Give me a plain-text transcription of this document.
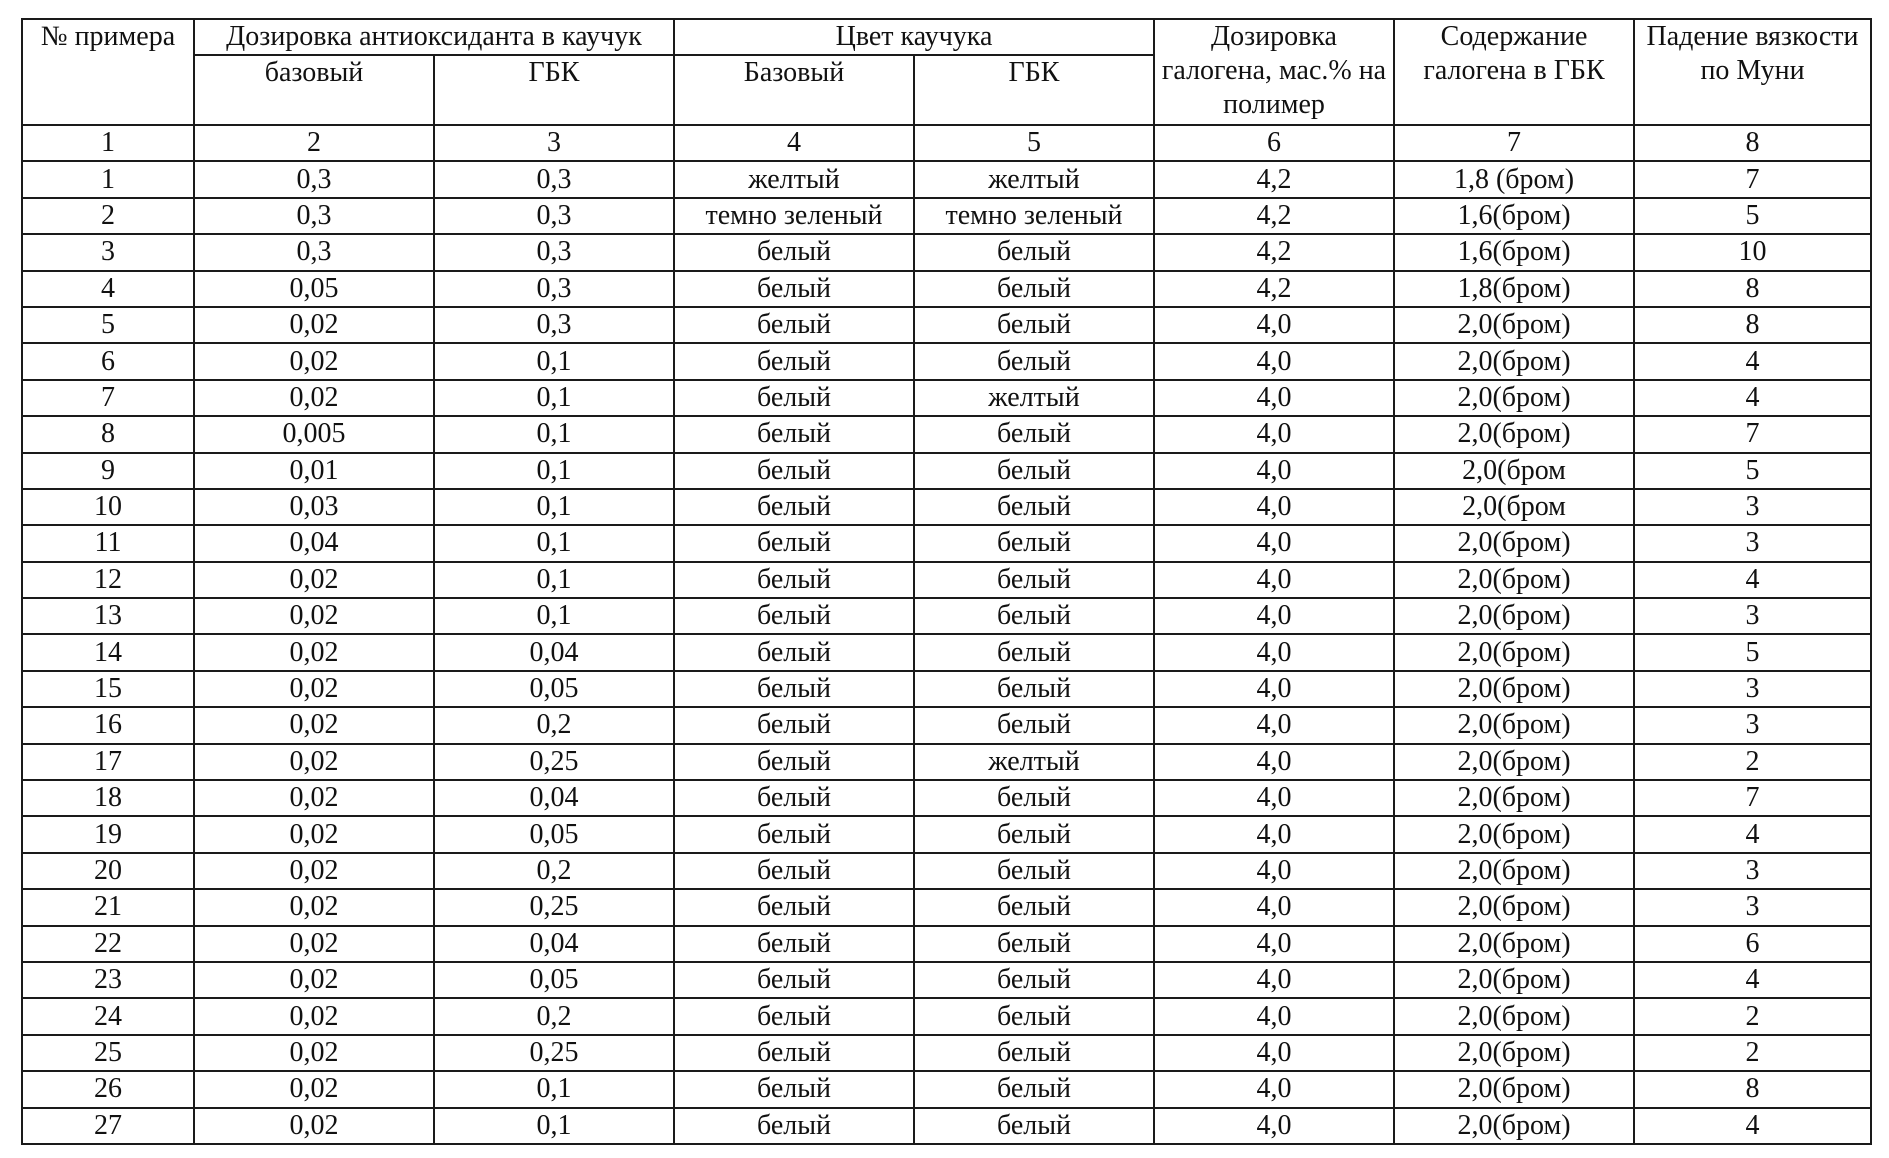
№ примера	Дозировка антиоксиданта в каучук		Цвет каучука		Дозировка галогена, мас.% на полимер	Содержание галогена в ГБК	Падение вязкости по Муни
	базовый	ГБК	Базовый	ГБК			
1	2	3	4	5	6	7	8
1	0,3	0,3	желтый	желтый	4,2	1,8 (бром)	7
2	0,3	0,3	темно зеленый	темно зеленый	4,2	1,6(бром)	5
3	0,3	0,3	белый	белый	4,2	1,6(бром)	10
4	0,05	0,3	белый	белый	4,2	1,8(бром)	8
5	0,02	0,3	белый	белый	4,0	2,0(бром)	8
6	0,02	0,1	белый	белый	4,0	2,0(бром)	4
7	0,02	0,1	белый	желтый	4,0	2,0(бром)	4
8	0,005	0,1	белый	белый	4,0	2,0(бром)	7
9	0,01	0,1	белый	белый	4,0	2,0(бром	5
10	0,03	0,1	белый	белый	4,0	2,0(бром	3
11	0,04	0,1	белый	белый	4,0	2,0(бром)	3
12	0,02	0,1	белый	белый	4,0	2,0(бром)	4
13	0,02	0,1	белый	белый	4,0	2,0(бром)	3
14	0,02	0,04	белый	белый	4,0	2,0(бром)	5
15	0,02	0,05	белый	белый	4,0	2,0(бром)	3
16	0,02	0,2	белый	белый	4,0	2,0(бром)	3
17	0,02	0,25	белый	желтый	4,0	2,0(бром)	2
18	0,02	0,04	белый	белый	4,0	2,0(бром)	7
19	0,02	0,05	белый	белый	4,0	2,0(бром)	4
20	0,02	0,2	белый	белый	4,0	2,0(бром)	3
21	0,02	0,25	белый	белый	4,0	2,0(бром)	3
22	0,02	0,04	белый	белый	4,0	2,0(бром)	6
23	0,02	0,05	белый	белый	4,0	2,0(бром)	4
24	0,02	0,2	белый	белый	4,0	2,0(бром)	2
25	0,02	0,25	белый	белый	4,0	2,0(бром)	2
26	0,02	0,1	белый	белый	4,0	2,0(бром)	8
27	0,02	0,1	белый	белый	4,0	2,0(бром)	4
